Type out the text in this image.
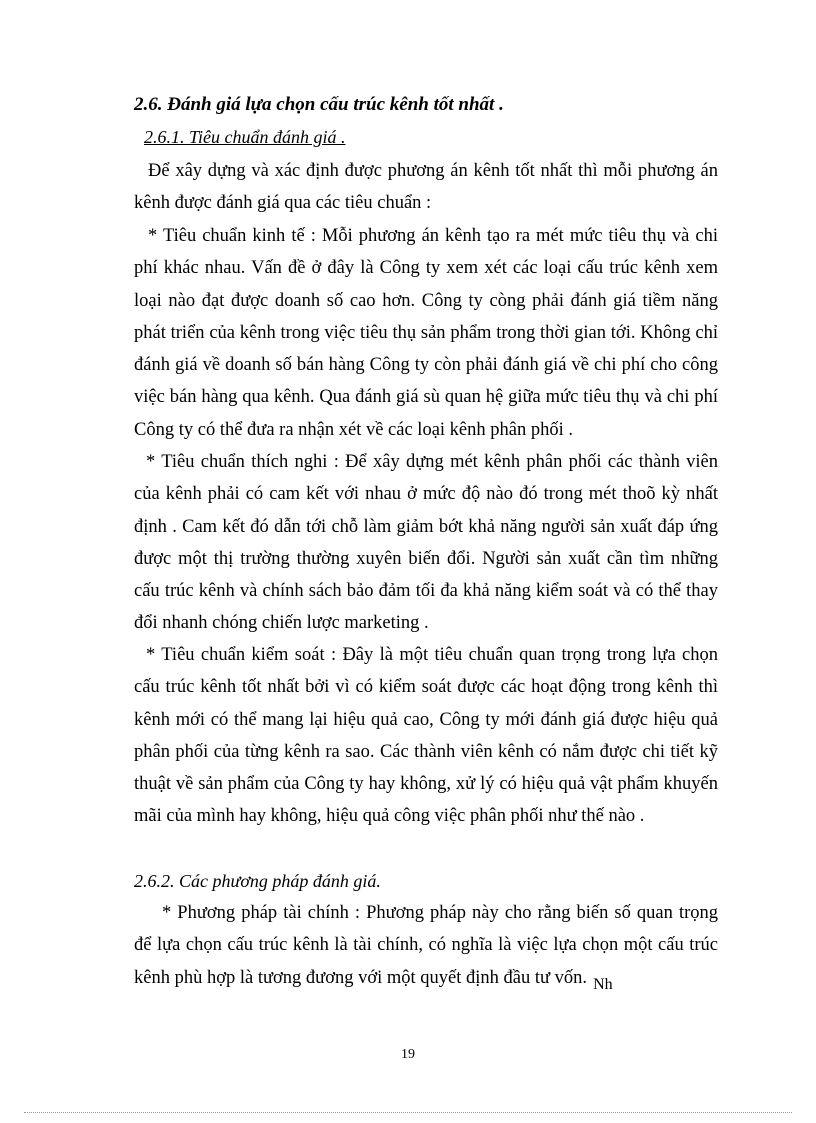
2.6. Đánh giá lựa chọn cấu trúc kênh tốt nhất .
2.6.1. Tiêu chuẩn đánh giá .
Để xây dựng và xác định được phương án kênh tốt nhất thì mỗi phương án kênh được đánh giá qua các tiêu chuẩn :
* Tiêu chuẩn kinh tế : Mỗi phương án kênh tạo ra mét mức tiêu thụ và chi phí khác nhau. Vấn đề ở đây là Công ty xem xét các loại cấu trúc kênh xem loại nào đạt được doanh số cao hơn. Công ty còng phải đánh giá tiềm năng phát triển của kênh trong việc tiêu thụ sản phẩm trong thời gian tới. Không chỉ đánh giá về doanh số bán hàng Công ty còn phải đánh giá về chi phí cho công việc bán hàng qua kênh. Qua đánh giá sù quan hệ giữa mức tiêu thụ và chi phí Công ty có thể đưa ra nhận xét về các loại kênh phân phối .
* Tiêu chuẩn thích nghi : Để xây dựng mét kênh phân phối các thành viên của kênh phải có cam kết với nhau ở mức độ nào đó trong mét thoõ kỳ nhất định . Cam kết đó dẫn tới chỗ làm giảm bớt khả năng người sản xuất đáp ứng được một thị trường thường xuyên biến đổi. Người sản xuất cần tìm những cấu trúc kênh và chính sách bảo đảm tối đa khả năng kiểm soát và có thể thay đổi nhanh chóng chiến lược marketing .
* Tiêu chuẩn kiểm soát : Đây là một tiêu chuẩn quan trọng trong lựa chọn cấu trúc kênh tốt nhất bởi vì có kiểm soát được các hoạt động trong kênh thì kênh mới có thể mang lại hiệu quả cao, Công ty mới đánh giá được hiệu quả phân phối của từng kênh ra sao. Các thành viên kênh có nắm được chi tiết kỹ thuật về sản phẩm của Công ty hay không, xử lý có hiệu quả vật phẩm khuyến mãi của mình hay không, hiệu quả công việc phân phối như thế nào .
2.6.2. Các phương pháp đánh giá.
* Phương pháp tài chính : Phương pháp này cho rằng biến số quan trọng để lựa chọn cấu trúc kênh là tài chính, có nghĩa là việc lựa chọn một cấu trúc kênh phù hợp là tương đương với một quyết định đầu tư vốn. Nh
19
